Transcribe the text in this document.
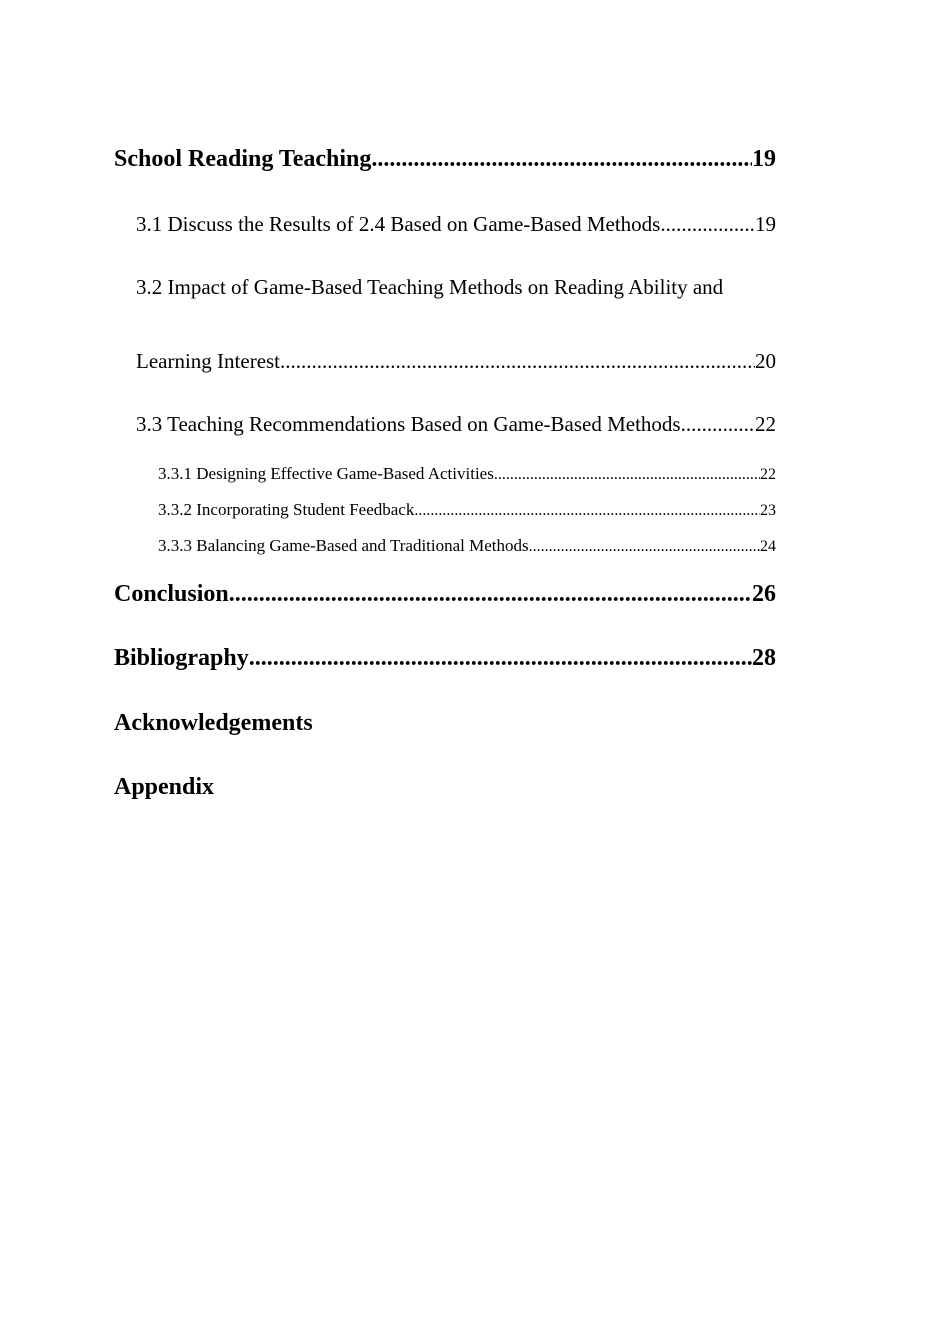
School Reading Teaching .....	19
3.1 Discuss the Results of 2.4 Based on Game-Based Methods .....	19
3.2 Impact of Game-Based Teaching Methods on Reading Ability and
Learning Interest .....	20
3.3 Teaching Recommendations Based on Game-Based Methods .....	22
3.3.1 Designing Effective Game-Based Activities .....	22
3.3.2 Incorporating Student Feedback .....	23
3.3.3 Balancing Game-Based and Traditional Methods .....	24
Conclusion .....	26
Bibliography .....	28
Acknowledgements
Appendix
